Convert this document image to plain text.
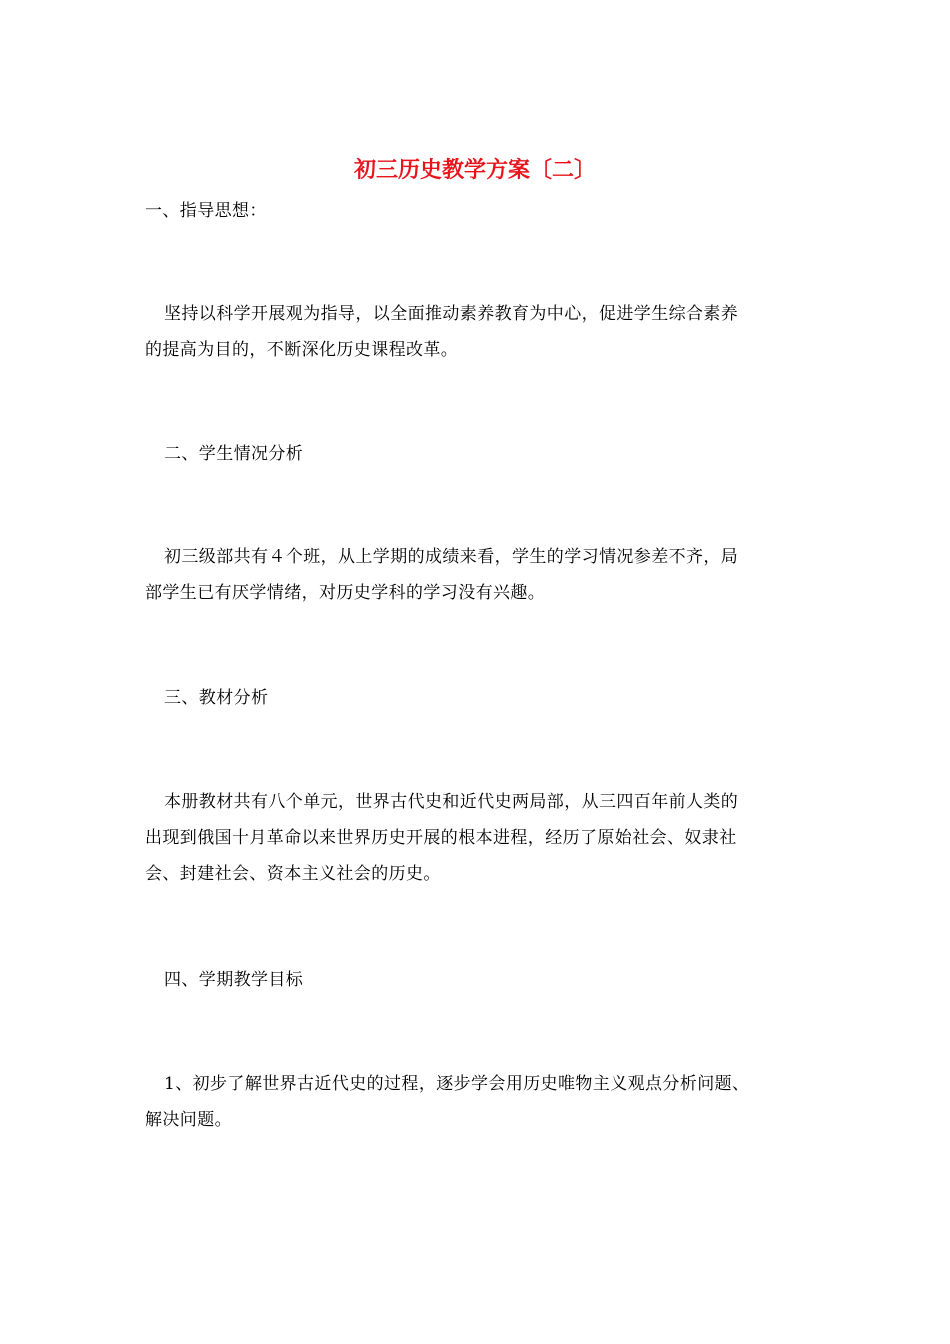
初三历史教学方案〔二〕

一、指导思想：

坚持以科学开展观为指导，以全面推动素养教育为中心，促进学生综合素养

的提高为目的，不断深化历史课程改革。

二、学生情况分析

初三级部共有４个班，从上学期的成绩来看，学生的学习情况参差不齐，局

部学生已有厌学情绪，对历史学科的学习没有兴趣。

三、教材分析

本册教材共有八个单元，世界古代史和近代史两局部，从三四百年前人类的

出现到俄国十月革命以来世界历史开展的根本进程，经历了原始社会、奴隶社

会、封建社会、资本主义社会的历史。

四、学期教学目标

1、初步了解世界古近代史的过程，逐步学会用历史唯物主义观点分析问题、

解决问题。
